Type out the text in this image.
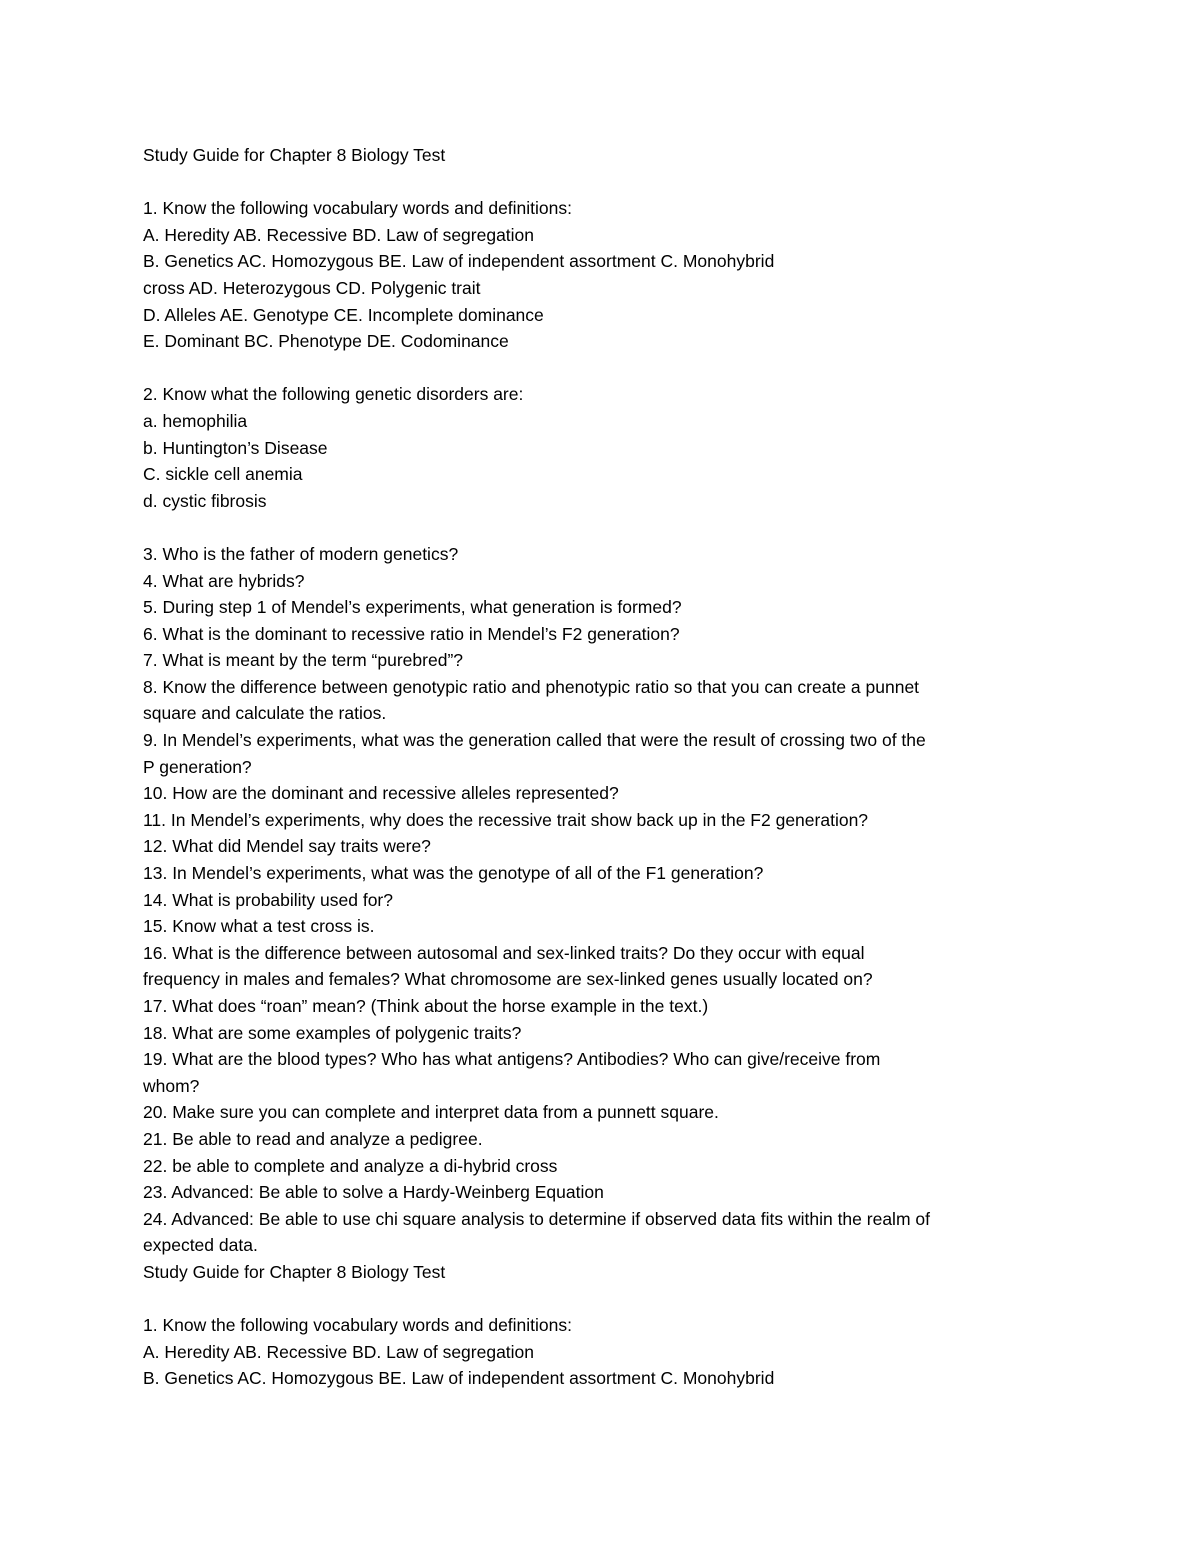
Study Guide for Chapter 8 Biology Test
1. Know the following vocabulary words and definitions:
A. Heredity AB. Recessive BD. Law of segregation
B. Genetics AC. Homozygous BE. Law of independent assortment C. Monohybrid
cross AD. Heterozygous CD. Polygenic trait
D. Alleles AE. Genotype CE. Incomplete dominance
E. Dominant BC. Phenotype DE. Codominance
2. Know what the following genetic disorders are:
a. hemophilia
b. Huntington’s Disease
C. sickle cell anemia
d. cystic fibrosis
3. Who is the father of modern genetics?
4. What are hybrids?
5. During step 1 of Mendel’s experiments, what generation is formed?
6. What is the dominant to recessive ratio in Mendel’s F2 generation?
7. What is meant by the term “purebred”?
8. Know the difference between genotypic ratio and phenotypic ratio so that you can create a punnet
square and calculate the ratios.
9. In Mendel’s experiments, what was the generation called that were the result of crossing two of the
P generation?
10. How are the dominant and recessive alleles represented?
11. In Mendel’s experiments, why does the recessive trait show back up in the F2 generation?
12. What did Mendel say traits were?
13. In Mendel’s experiments, what was the genotype of all of the F1 generation?
14. What is probability used for?
15. Know what a test cross is.
16. What is the difference between autosomal and sex-linked traits? Do they occur with equal
frequency in males and females? What chromosome are sex-linked genes usually located on?
17. What does “roan” mean? (Think about the horse example in the text.)
18. What are some examples of polygenic traits?
19. What are the blood types? Who has what antigens? Antibodies? Who can give/receive from
whom?
20. Make sure you can complete and interpret data from a punnett square.
21. Be able to read and analyze a pedigree.
22. be able to complete and analyze a di-hybrid cross
23. Advanced: Be able to solve a Hardy-Weinberg Equation
24. Advanced: Be able to use chi square analysis to determine if observed data fits within the realm of
expected data.
Study Guide for Chapter 8 Biology Test
1. Know the following vocabulary words and definitions:
A. Heredity AB. Recessive BD. Law of segregation
B. Genetics AC. Homozygous BE. Law of independent assortment C. Monohybrid
